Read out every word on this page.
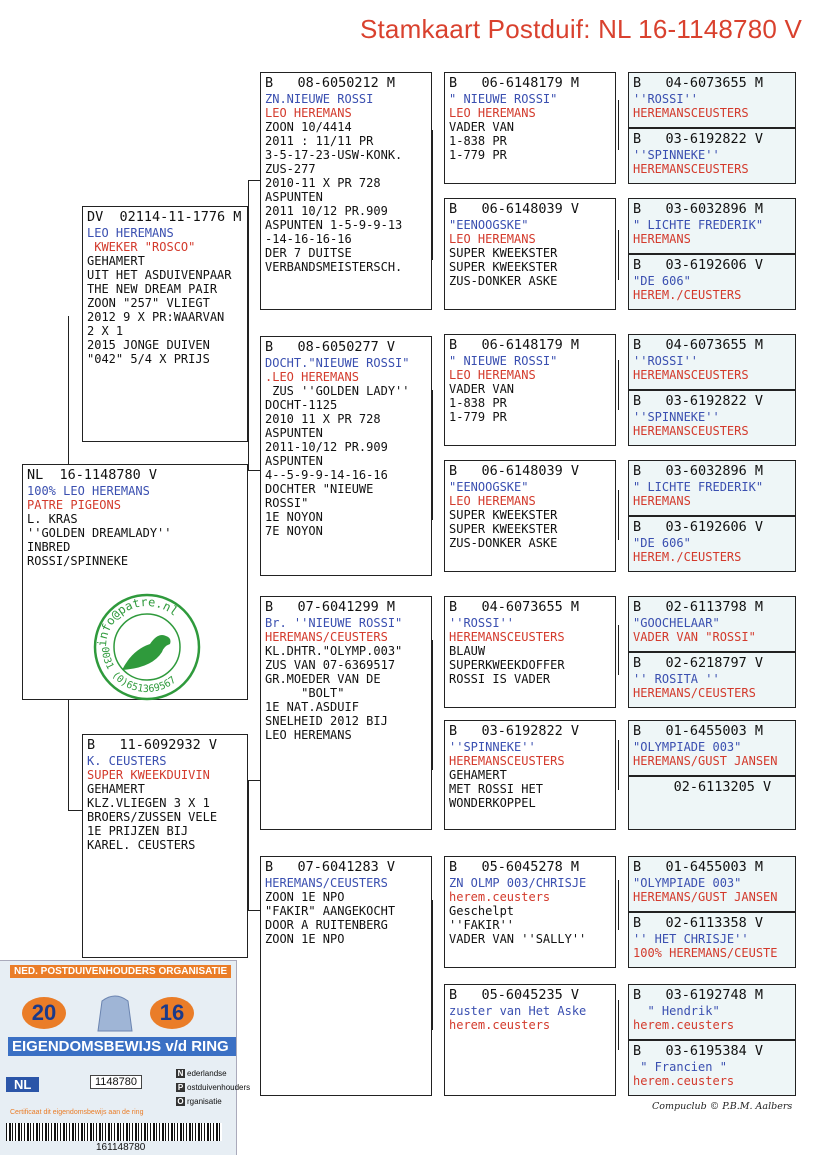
Stamkaart Postduif: NL 16-1148780 V
NL  16-1148780 V
100% LEO HEREMANS
PATRE PIGEONS
L. KRAS
''GOLDEN DREAMLADY''
INBRED
ROSSI/SPINNEKE
info@patre.nl
0031 (0)651369567
DV  02114-11-1776 M
LEO HEREMANS
KWEKER "ROSCO"
GEHAMERT
UIT HET ASDUIVENPAAR
THE NEW DREAM PAIR
ZOON "257" VLIEGT
2012 9 X PR:WAARVAN
2 X 1
2015 JONGE DUIVEN
"042" 5/4 X PRIJS
B   11-6092932 V
K. CEUSTERS
SUPER KWEEKDUIVIN
GEHAMERT
KLZ.VLIEGEN 3 X 1
BROERS/ZUSSEN VELE
1E PRIJZEN BIJ
KAREL. CEUSTERS
B   08-6050212 M
ZN.NIEUWE ROSSI
LEO HEREMANS
ZOON 10/4414
2011 : 11/11 PR
3-5-17-23-USW-KONK.
ZUS-277
2010-11 X PR 728
ASPUNTEN
2011 10/12 PR.909
ASPUNTEN 1-5-9-9-13
-14-16-16-16
DER 7 DUITSE
VERBANDSMEISTERSCH.
B   08-6050277 V
DOCHT."NIEUWE ROSSI"
.LEO HEREMANS
ZUS ''GOLDEN LADY''
DOCHT-1125
2010 11 X PR 728
ASPUNTEN
2011-10/12 PR.909
ASPUNTEN
4--5-9-9-14-16-16
DOCHTER "NIEUWE
ROSSI"
1E NOYON
7E NOYON
B   07-6041299 M
Br. ''NIEUWE ROSSI"
HEREMANS/CEUSTERS
KL.DHTR."OLYMP.003"
ZUS VAN 07-6369517
GR.MOEDER VAN DE
"BOLT"
1E NAT.ASDUIF
SNELHEID 2012 BIJ
LEO HEREMANS
B   07-6041283 V
HEREMANS/CEUSTERS
ZOON 1E NPO
"FAKIR" AANGEKOCHT
DOOR A RUITENBERG
ZOON 1E NPO
B   06-6148179 M
" NIEUWE ROSSI"
LEO HEREMANS
VADER VAN
1-838 PR
1-779 PR
B   06-6148039 V
"EENOOGSKE"
LEO HEREMANS
SUPER KWEEKSTER
SUPER KWEEKSTER
ZUS-DONKER ASKE
B   06-6148179 M
" NIEUWE ROSSI"
LEO HEREMANS
VADER VAN
1-838 PR
1-779 PR
B   06-6148039 V
"EENOOGSKE"
LEO HEREMANS
SUPER KWEEKSTER
SUPER KWEEKSTER
ZUS-DONKER ASKE
B   04-6073655 M
''ROSSI''
HEREMANSCEUSTERS
BLAUW
SUPERKWEEKDOFFER
ROSSI IS VADER
B   03-6192822 V
''SPINNEKE''
HEREMANSCEUSTERS
GEHAMERT
MET ROSSI HET
WONDERKOPPEL
B   05-6045278 M
ZN OLMP 003/CHRISJE
herem.ceusters
Geschelpt
''FAKIR''
VADER VAN ''SALLY''
B   05-6045235 V
zuster van Het Aske
herem.ceusters
B   04-6073655 M
''ROSSI''
HEREMANSCEUSTERS
B   03-6192822 V
''SPINNEKE''
HEREMANSCEUSTERS
B   03-6032896 M
" LICHTE FREDERIK"
HEREMANS
B   03-6192606 V
"DE 606"
HEREM./CEUSTERS
B   04-6073655 M
''ROSSI''
HEREMANSCEUSTERS
B   03-6192822 V
''SPINNEKE''
HEREMANSCEUSTERS
B   03-6032896 M
" LICHTE FREDERIK"
HEREMANS
B   03-6192606 V
"DE 606"
HEREM./CEUSTERS
B   02-6113798 M
"GOOCHELAAR"
VADER VAN "ROSSI"
B   02-6218797 V
'' ROSITA ''
HEREMANS/CEUSTERS
B   01-6455003 M
"OLYMPIADE 003"
HEREMANS/GUST JANSEN
02-6113205 V
B   01-6455003 M
"OLYMPIADE 003"
HEREMANS/GUST JANSEN
B   02-6113358 V
'' HET CHRISJE''
100% HEREMANS/CEUSTE
B   03-6192748 M
" Hendrik"
herem.ceusters
B   03-6195384 V
" Francien "
herem.ceusters
Compuclub © P.B.M. Aalbers
NED. POSTDUIVENHOUDERS ORGANISATIE
20	16
EIGENDOMSBEWIJS v/d RING
NL	1148780
N ederlandse
P ostduivenhouders
O rganisatie
Certificaat dit eigendomsbewijs aan de ring
161148780
